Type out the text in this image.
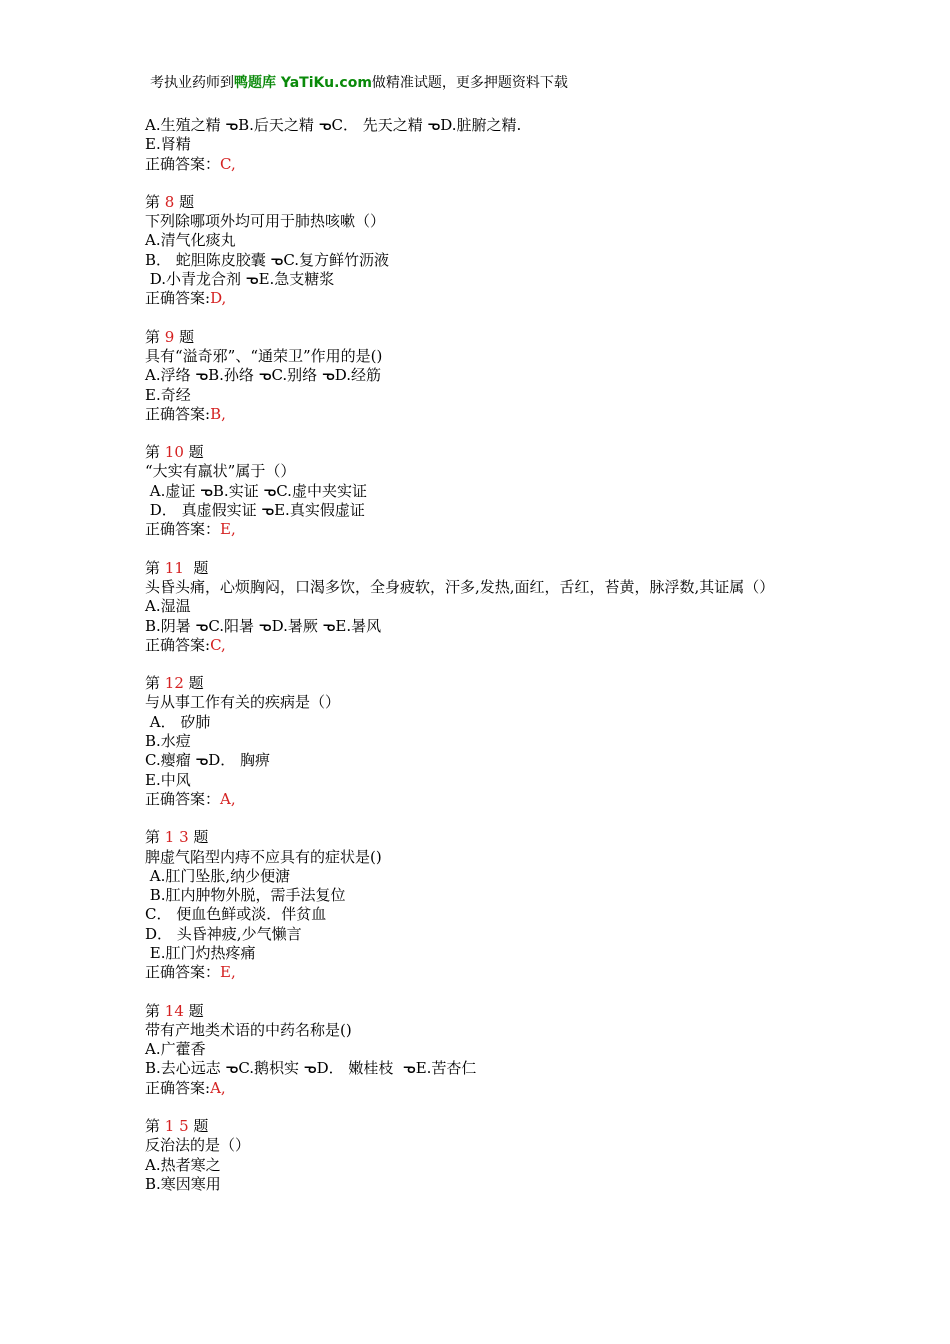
考执业药师到鸭题库 YaTiKu.com做精准试题，更多押题资料下载
A.生殖之精 ᓀB.后天之精 ᓀC． 先天之精 ᓀD.脏腑之精.
E.肾精
正确答案：C,
第 8 题
下列除哪项外均可用于肺热咳嗽（）
A.清气化痰丸
B． 蛇胆陈皮胶囊 ᓀC.复方鲜竹沥液
D.小青龙合剂 ᓀE.急支糖浆
正确答案:D,
第 9 题
具有“溢奇邪”、“通荣卫”作用的是()
A.浮络 ᓀB.孙络 ᓀC.别络 ᓀD.经筋
E.奇经
正确答案:B,
第 10 题
“大实有羸状”属于（）
A.虚证 ᓀB.实证 ᓀC.虚中夹实证
D． 真虚假实证 ᓀE.真实假虚证
正确答案：E,
第 11  题
头昏头痛，心烦胸闷，口渴多饮，全身疲软，汗多,发热,面红，舌红，苔黄，脉浮数,其证属（）
A.湿温
B.阴暑 ᓀC.阳暑 ᓀD.暑厥 ᓀE.暑风
正确答案:C,
第 12 题
与从事工作有关的疾病是（）
A． 矽肺
B.水痘
C.瘿瘤 ᓀD． 胸痹
E.中风
正确答案：A,
第 1 3 题
脾虚气陷型内痔不应具有的症状是()
A.肛门坠胀,纳少便溏
B.肛内肿物外脱，需手法复位
C． 便血色鲜或淡．伴贫血
D． 头昏神疲,少气懒言
E.肛门灼热疼痛
正确答案：E,
第 14 题
带有产地类术语的中药名称是()
A.广藿香
B.去心远志 ᓀC.鹅枳实 ᓀD． 嫩桂枝  ᓀE.苦杏仁
正确答案:A,
第 1 5 题
反治法的是（）
A.热者寒之
B.寒因寒用
